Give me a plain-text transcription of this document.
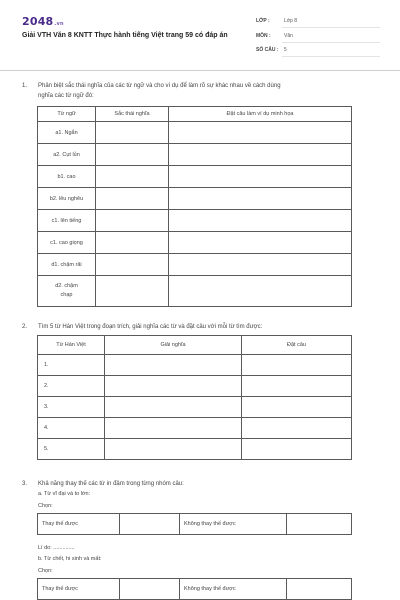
2048.vn
Giải VTH Văn 8 KNTT Thực hành tiếng Việt trang 59 có đáp án
LỚP :	Lớp 8
MÔN :	Văn
SỐ CÂU : 5
1. Phân biệt sắc thái nghĩa của các từ ngữ và cho ví dụ để làm rõ sự khác nhau về cách dùng
nghĩa các từ ngữ đó:
Từ ngữ	Sắc thái nghĩa	Đặt câu làm ví dụ minh họa
a1. Ngắn		
a2. Cụt lủn		
b1. cao		
b2. lêu nghêu		
c1. lên tiếng		
c1. cao giọng		
d1. chậm rãi		
d2. chậm
chạp		
2. Tìm 5 từ Hán Việt trong đoạn trích, giải nghĩa các từ và đặt câu với mỗi từ tìm được:
Từ Hán Việt	Giải nghĩa	Đặt câu
1.		
2.		
3.		
4.		
5.		
3. Khả năng thay thế các từ in đậm trong từng nhóm câu:
a. Từ vĩ đại và to lớn:
Chọn:
Thay thế được	Không thay thế được
Lí do: ..............
b. Từ chết, hi sinh và mất:
Chọn:
Thay thế được	Không thay thế được
